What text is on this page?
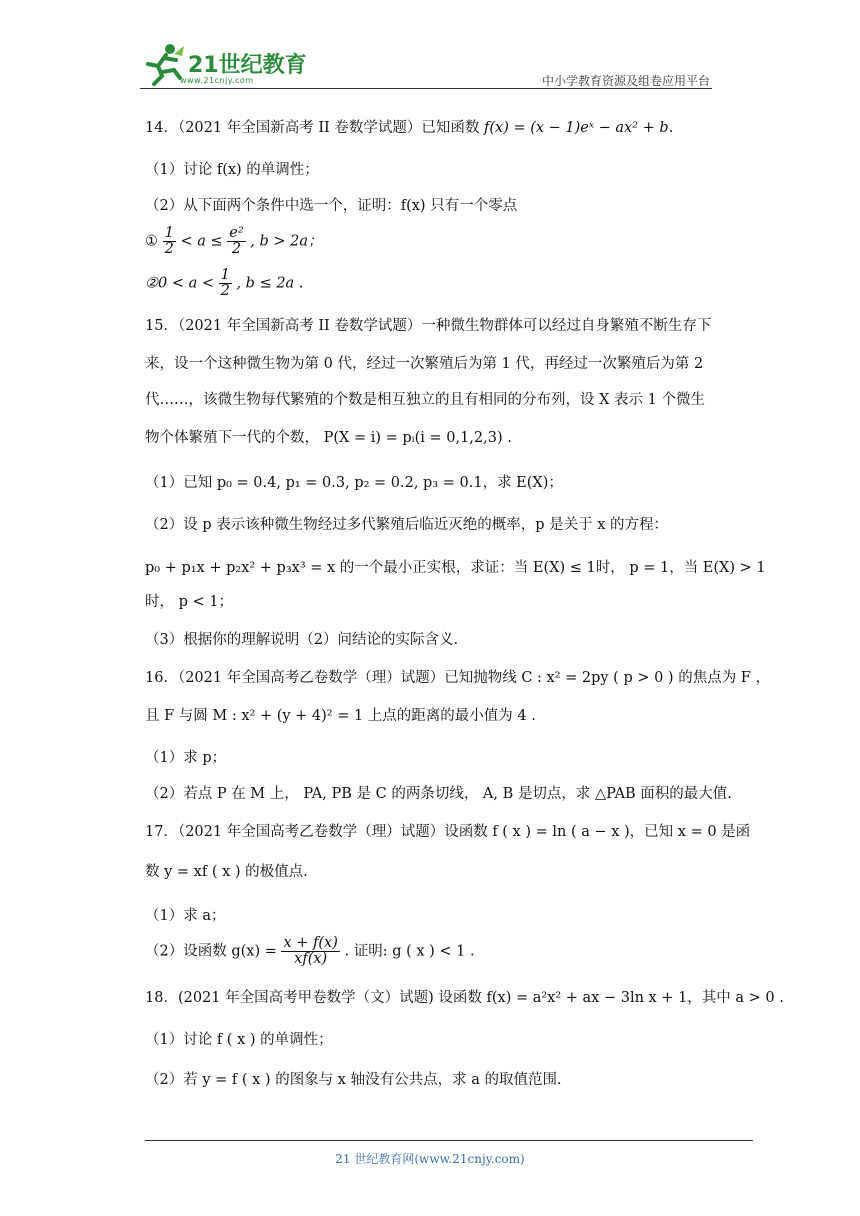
21世纪教育
www.21cnjy.com	中小学教育资源及组卷应用平台

14．（2021 年全国新高考 II 卷数学试题）已知函数 f(x) = (x − 1)eˣ − ax² + b.

（1）讨论 f(x) 的单调性；

（2）从下面两个条件中选一个，证明：f(x) 只有一个零点

① $\frac{1}{2} < a \le \frac{\text{e²}}{2}$ , b > 2a；

②0 < $a < \frac{1}{2}$ , b ≤ 2a .

15．（2021 年全国新高考 II 卷数学试题）一种微生物群体可以经过自身繁殖不断生存下

来，设一个这种微生物为第 0 代，经过一次繁殖后为第 1 代，再经过一次繁殖后为第 2

代……，该微生物每代繁殖的个数是相互独立的且有相同的分布列，设 X 表示 1 个微生

物个体繁殖下一代的个数， P(X = i) = pᵢ(i = 0,1,2,3) .

（1）已知 p₀ = 0.4, p₁ = 0.3, p₂ = 0.2, p₃ = 0.1，求 E(X)；

（2）设 p 表示该种微生物经过多代繁殖后临近灭绝的概率，p 是关于 x 的方程：

p₀ + p₁x + p₂x² + p₃x³ = x 的一个最小正实根，求证：当 E(X) ≤ 1时， p = 1，当 E(X) > 1

时， p < 1；

（3）根据你的理解说明（2）问结论的实际含义.

16．（2021 年全国高考乙卷数学（理）试题）已知抛物线 C : x² = 2py ( p > 0 ) 的焦点为 F ，

且 F 与圆 M : x² + (y + 4)² = 1 上点的距离的最小值为 4 .

（1）求 p；

（2）若点 P 在 M 上， PA, PB 是 C 的两条切线， A, B 是切点，求 △PAB 面积的最大值.

17．（2021 年全国高考乙卷数学（理）试题）设函数 f ( x ) = ln ( a − x )，已知 x = 0 是函

数 y = xf ( x ) 的极值点.

（1）求 a；

（2）设函数 $g(x) = \frac{x + f(x)}{xf(x)}$ . 证明: g ( x ) < 1 .

18．(2021 年全国高考甲卷数学（文）试题) 设函数 f(x) = a²x² + ax − 3ln x + 1，其中 a > 0 .

（1）讨论 f ( x ) 的单调性；

（2）若 y = f ( x ) 的图象与 x 轴没有公共点，求 a 的取值范围.

21 世纪教育网(www.21cnjy.com)
